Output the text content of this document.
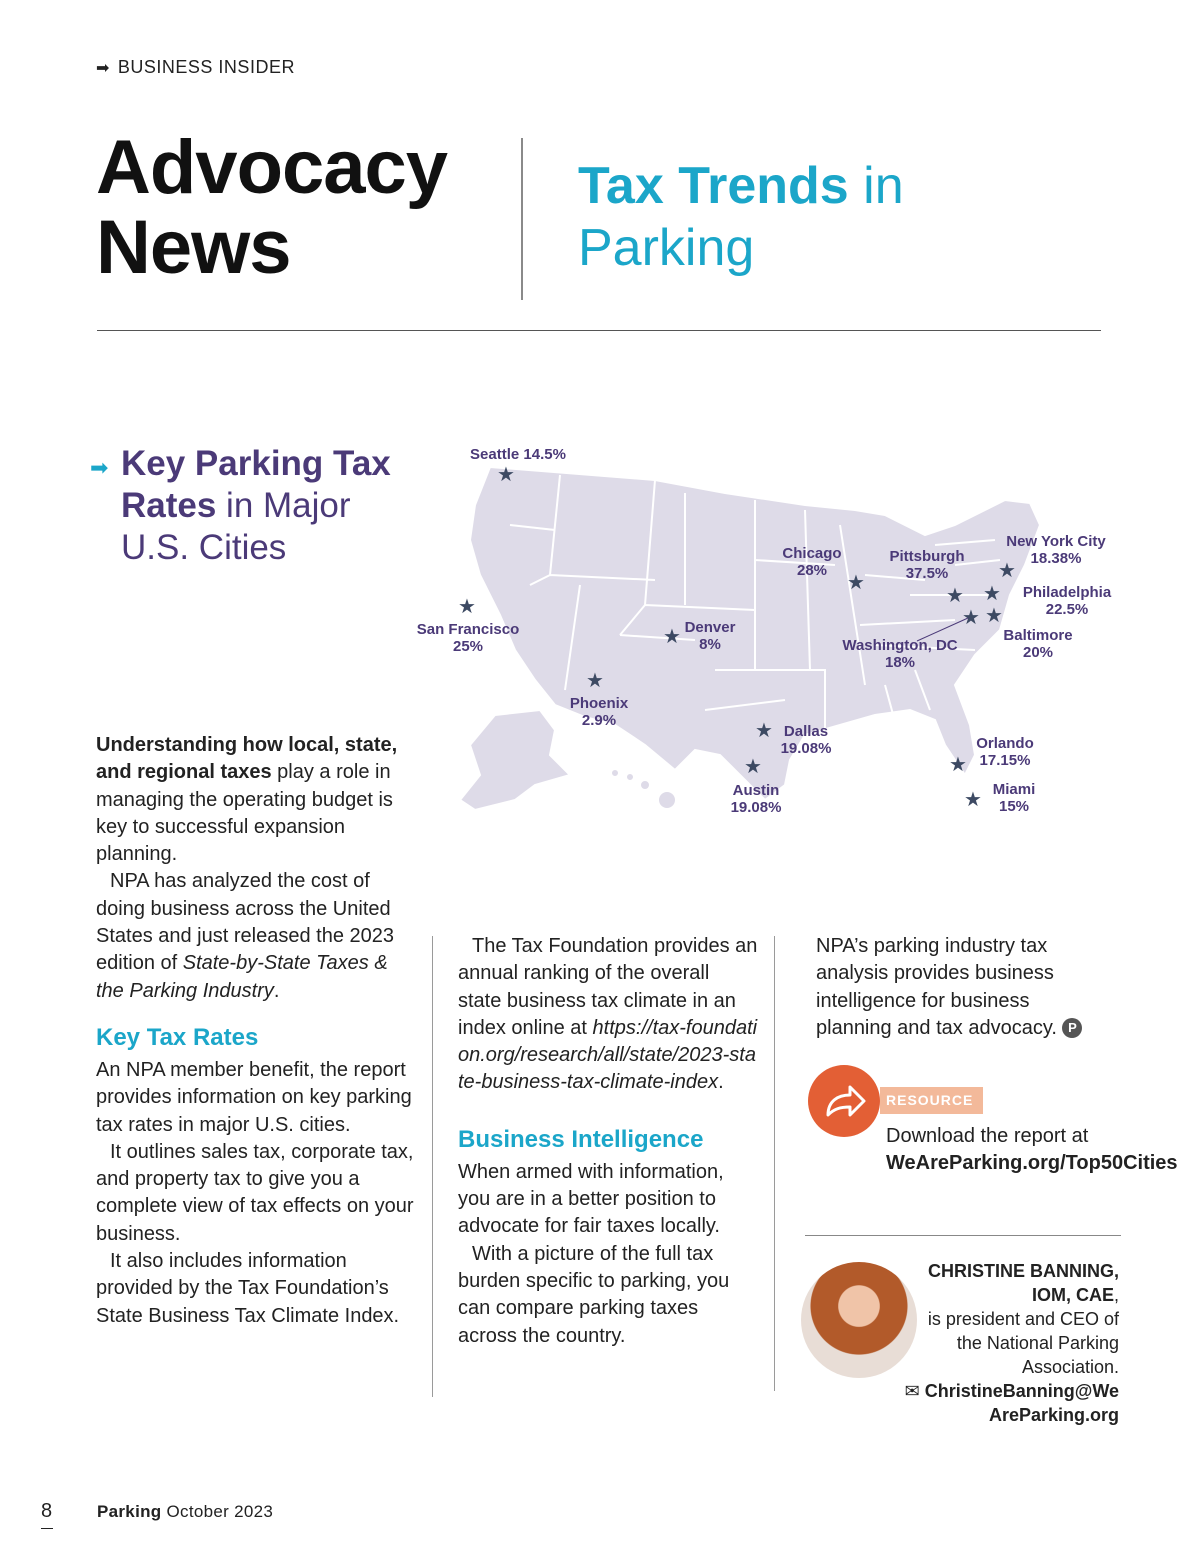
➡ BUSINESS INSIDER
Advocacy
News
Tax Trends in
Parking
➡ Key Parking Tax
Rates in Major
U.S. Cities
★
★
★
★
★
★
★
★
★ ★
★
★	★
★
Seattle 14.5%
San Francisco
25%
Denver
8%
Phoenix
2.9%
Chicago
28%
Pittsburgh
37.5%
New York City
18.38%
Philadelphia
22.5%
Baltimore
20%
Washington, DC
18%
Dallas
19.08%
Austin
19.08%
Orlando
17.15%
Miami
15%

Understanding how local, state, and regional taxes play a role in managing the operating budget is key to successful expansion planning.

NPA has analyzed the cost of doing business across the United States and just released the 2023 edition of State-by-State Taxes & the Parking Industry.

Key Tax Rates

An NPA member benefit, the report provides information on key parking tax rates in major U.S. cities.

It outlines sales tax, corporate tax, and property tax to give you a complete view of tax effects on your business.

It also includes information provided by the Tax Foundation’s State Business Tax Climate Index.

The Tax Foundation provides an annual ranking of the overall state business tax climate in an index online at https://tax-foundation.org/research/all/state/2023-state-business-tax-climate-index.

Business Intelligence

When armed with information, you are in a better position to advocate for fair taxes locally.

With a picture of the full tax burden specific to parking, you can compare parking taxes across the country.

NPA’s parking industry tax analysis provides business intelligence for business planning and tax advocacy. P

RESOURCE
Download the report at WeAreParking.org/Top50Cities
CHRISTINE BANNING, IOM, CAE,
is president and CEO of the National Parking Association.
✉ ChristineBanning@WeAreParking.org
8	Parking October 2023
